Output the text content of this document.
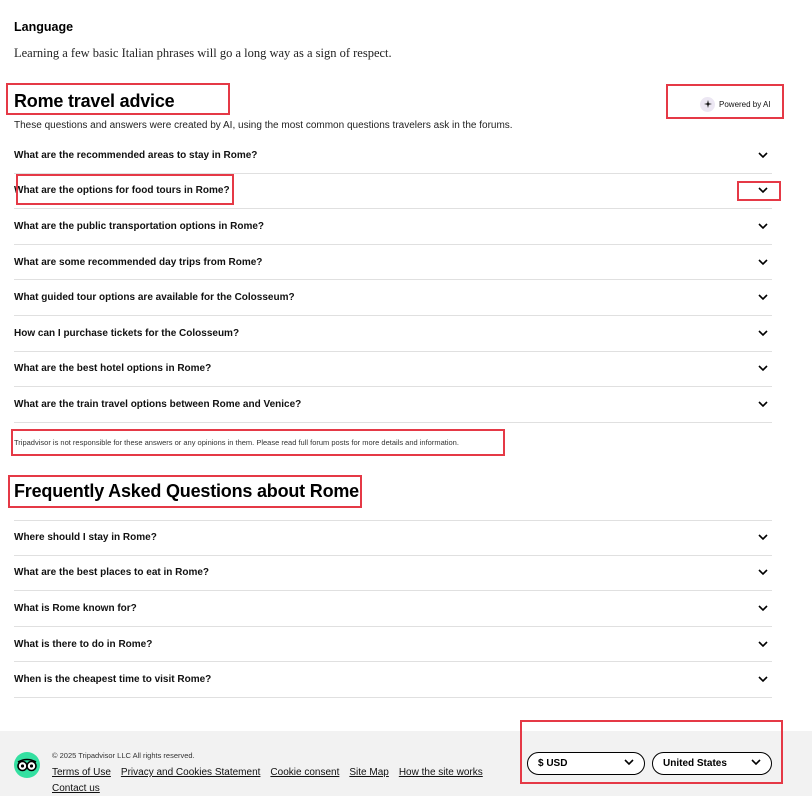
Language
Learning a few basic Italian phrases will go a long way as a sign of respect.
Rome travel advice	Powered by AI
These questions and answers were created by AI, using the most common questions travelers ask in the forums.
What are the recommended areas to stay in Rome?
What are the options for food tours in Rome?
What are the public transportation options in Rome?
What are some recommended day trips from Rome?
What guided tour options are available for the Colosseum?
How can I purchase tickets for the Colosseum?
What are the best hotel options in Rome?
What are the train travel options between Rome and Venice?
Tripadvisor is not responsible for these answers or any opinions in them. Please read full forum posts for more details and information.
Frequently Asked Questions about Rome
Where should I stay in Rome?
What are the best places to eat in Rome?
What is Rome known for?
What is there to do in Rome?
When is the cheapest time to visit Rome?
© 2025 Tripadvisor LLC All rights reserved.
Terms of Use Privacy and Cookies Statement Cookie consent Site Map How the site works
Contact us
$ USD	United States
